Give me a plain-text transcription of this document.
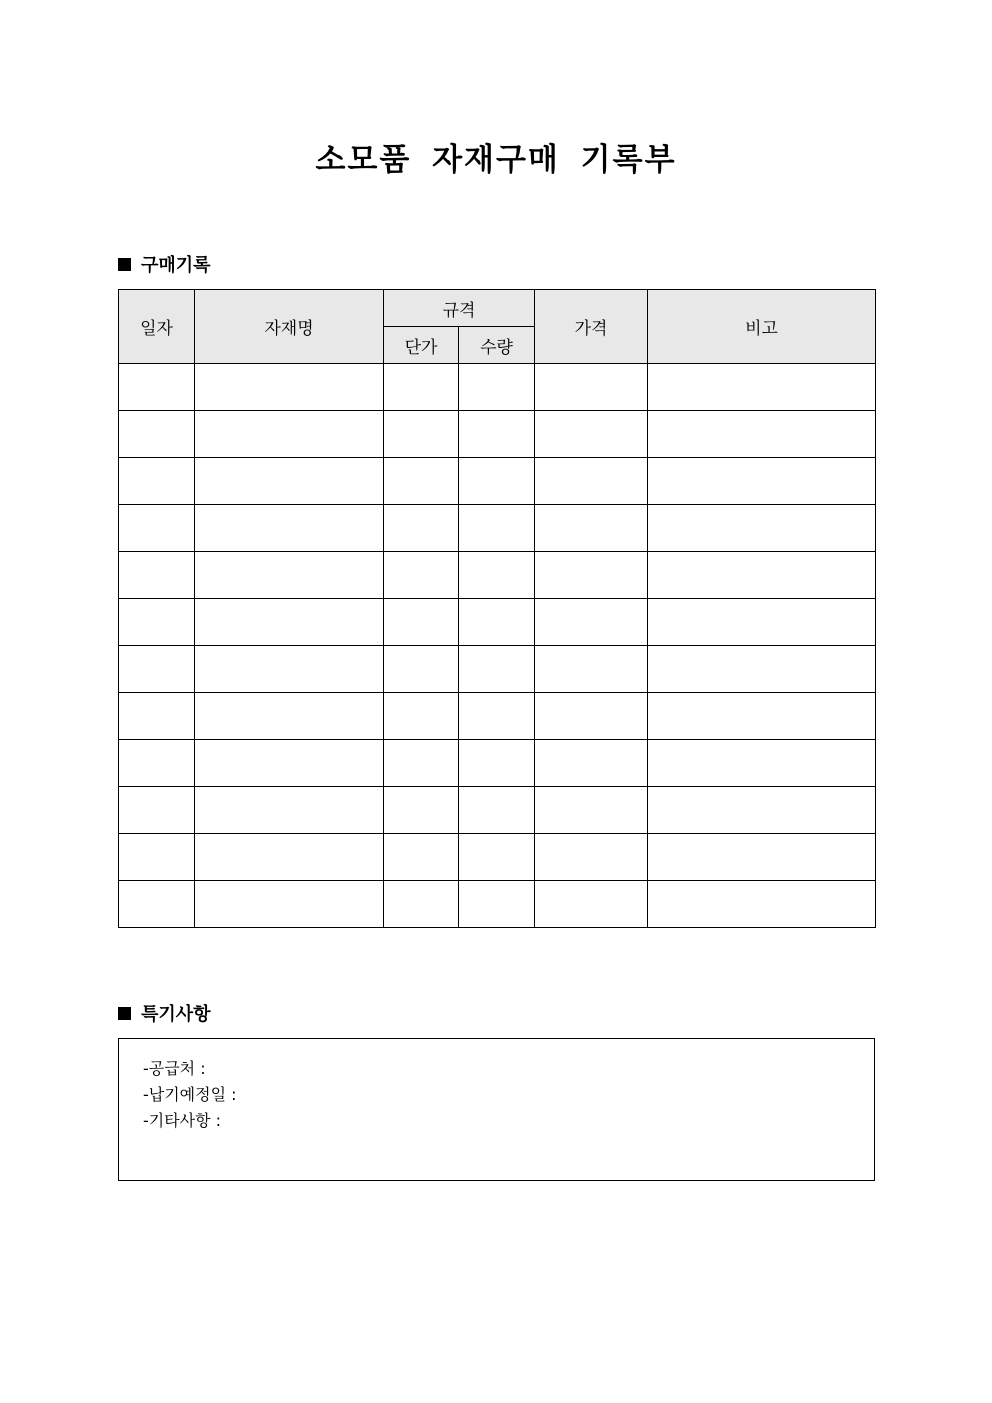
소모품 자재구매 기록부
구매기록
일자	자재명	규격		가격	비고
		단가	수량		

특기사항
-공급처 :
-납기예정일 :
-기타사항 :
